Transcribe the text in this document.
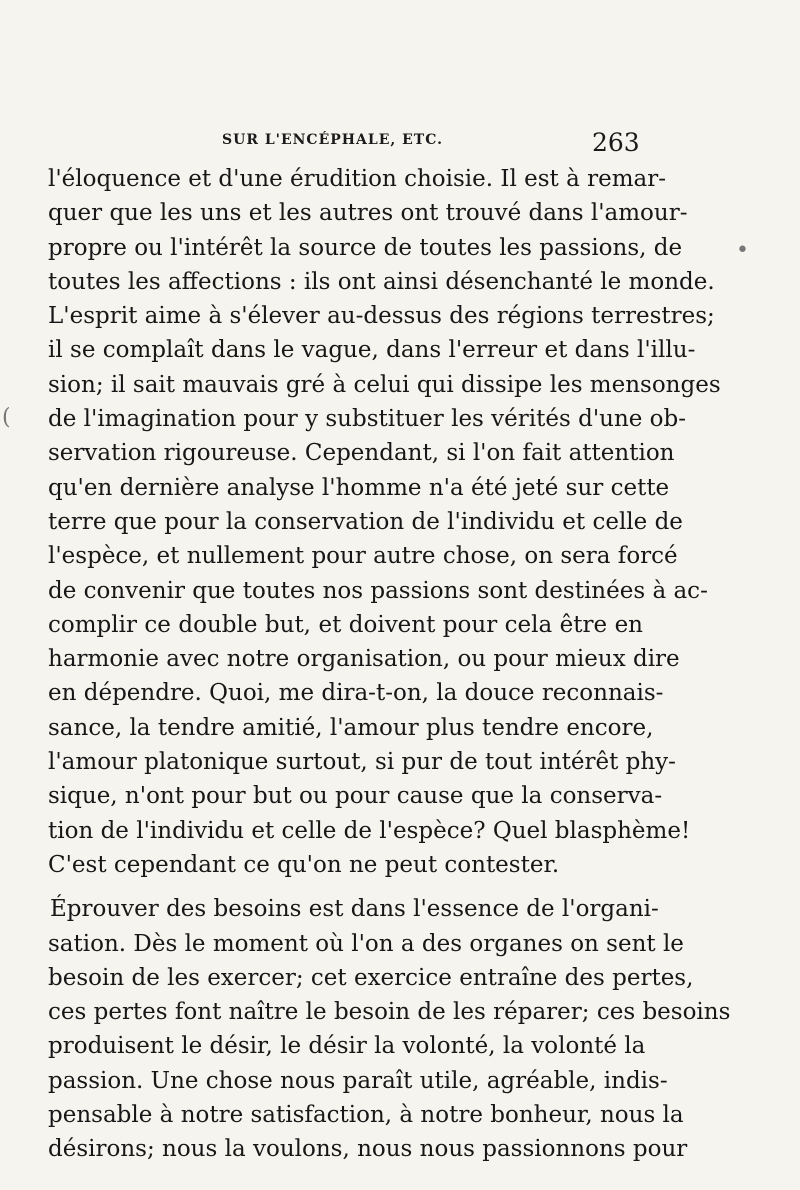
(
•
SUR L'ENCÉPHALE, ETC.	263
l'éloquence et d'une érudition choisie. Il est à remar-
quer que les uns et les autres ont trouvé dans l'amour-
propre ou l'intérêt la source de toutes les passions, de
toutes les affections : ils ont ainsi désenchanté le monde.
L'esprit aime à s'élever au-dessus des régions terrestres;
il se complaît dans le vague, dans l'erreur et dans l'illu-
sion; il sait mauvais gré à celui qui dissipe les mensonges
de l'imagination pour y substituer les vérités d'une ob-
servation rigoureuse. Cependant, si l'on fait attention
qu'en dernière analyse l'homme n'a été jeté sur cette
terre que pour la conservation de l'individu et celle de
l'espèce, et nullement pour autre chose, on sera forcé
de convenir que toutes nos passions sont destinées à ac-
complir ce double but, et doivent pour cela être en
harmonie avec notre organisation, ou pour mieux dire
en dépendre. Quoi, me dira-t-on, la douce reconnais-
sance, la tendre amitié, l'amour plus tendre encore,
l'amour platonique surtout, si pur de tout intérêt phy-
sique, n'ont pour but ou pour cause que la conserva-
tion de l'individu et celle de l'espèce? Quel blasphème!
C'est cependant ce qu'on ne peut contester.
Éprouver des besoins est dans l'essence de l'organi-
sation. Dès le moment où l'on a des organes on sent le
besoin de les exercer; cet exercice entraîne des pertes,
ces pertes font naître le besoin de les réparer; ces besoins
produisent le désir, le désir la volonté, la volonté la
passion. Une chose nous paraît utile, agréable, indis-
pensable à notre satisfaction, à notre bonheur, nous la
désirons; nous la voulons, nous nous passionnons pour
